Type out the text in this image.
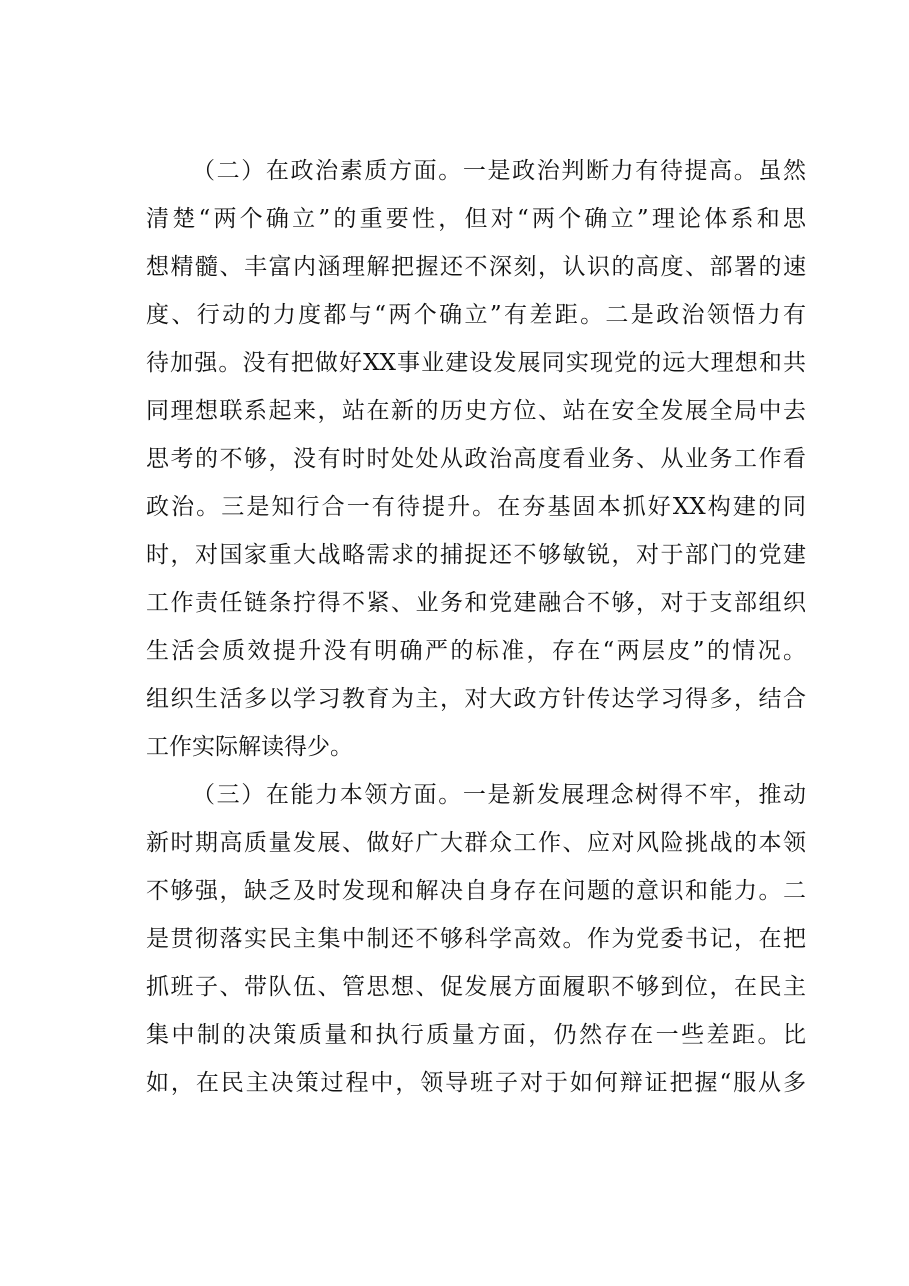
（二）在政治素质方面。一是政治判断力有待提高。虽然
清楚“两个确立”的重要性，但对“两个确立”理论体系和思
想精髓、丰富内涵理解把握还不深刻，认识的高度、部署的速
度、行动的力度都与“两个确立”有差距。二是政治领悟力有
待加强。没有把做好XX事业建设发展同实现党的远大理想和共
同理想联系起来，站在新的历史方位、站在安全发展全局中去
思考的不够，没有时时处处从政治高度看业务、从业务工作看
政治。三是知行合一有待提升。在夯基固本抓好XX构建的同
时，对国家重大战略需求的捕捉还不够敏锐，对于部门的党建
工作责任链条拧得不紧、业务和党建融合不够，对于支部组织
生活会质效提升没有明确严的标准，存在“两层皮”的情况。
组织生活多以学习教育为主，对大政方针传达学习得多，结合
工作实际解读得少。
（三）在能力本领方面。一是新发展理念树得不牢，推动
新时期高质量发展、做好广大群众工作、应对风险挑战的本领
不够强，缺乏及时发现和解决自身存在问题的意识和能力。二
是贯彻落实民主集中制还不够科学高效。作为党委书记，在把
抓班子、带队伍、管思想、促发展方面履职不够到位，在民主
集中制的决策质量和执行质量方面，仍然存在一些差距。比
如，在民主决策过程中，领导班子对于如何辩证把握“服从多
